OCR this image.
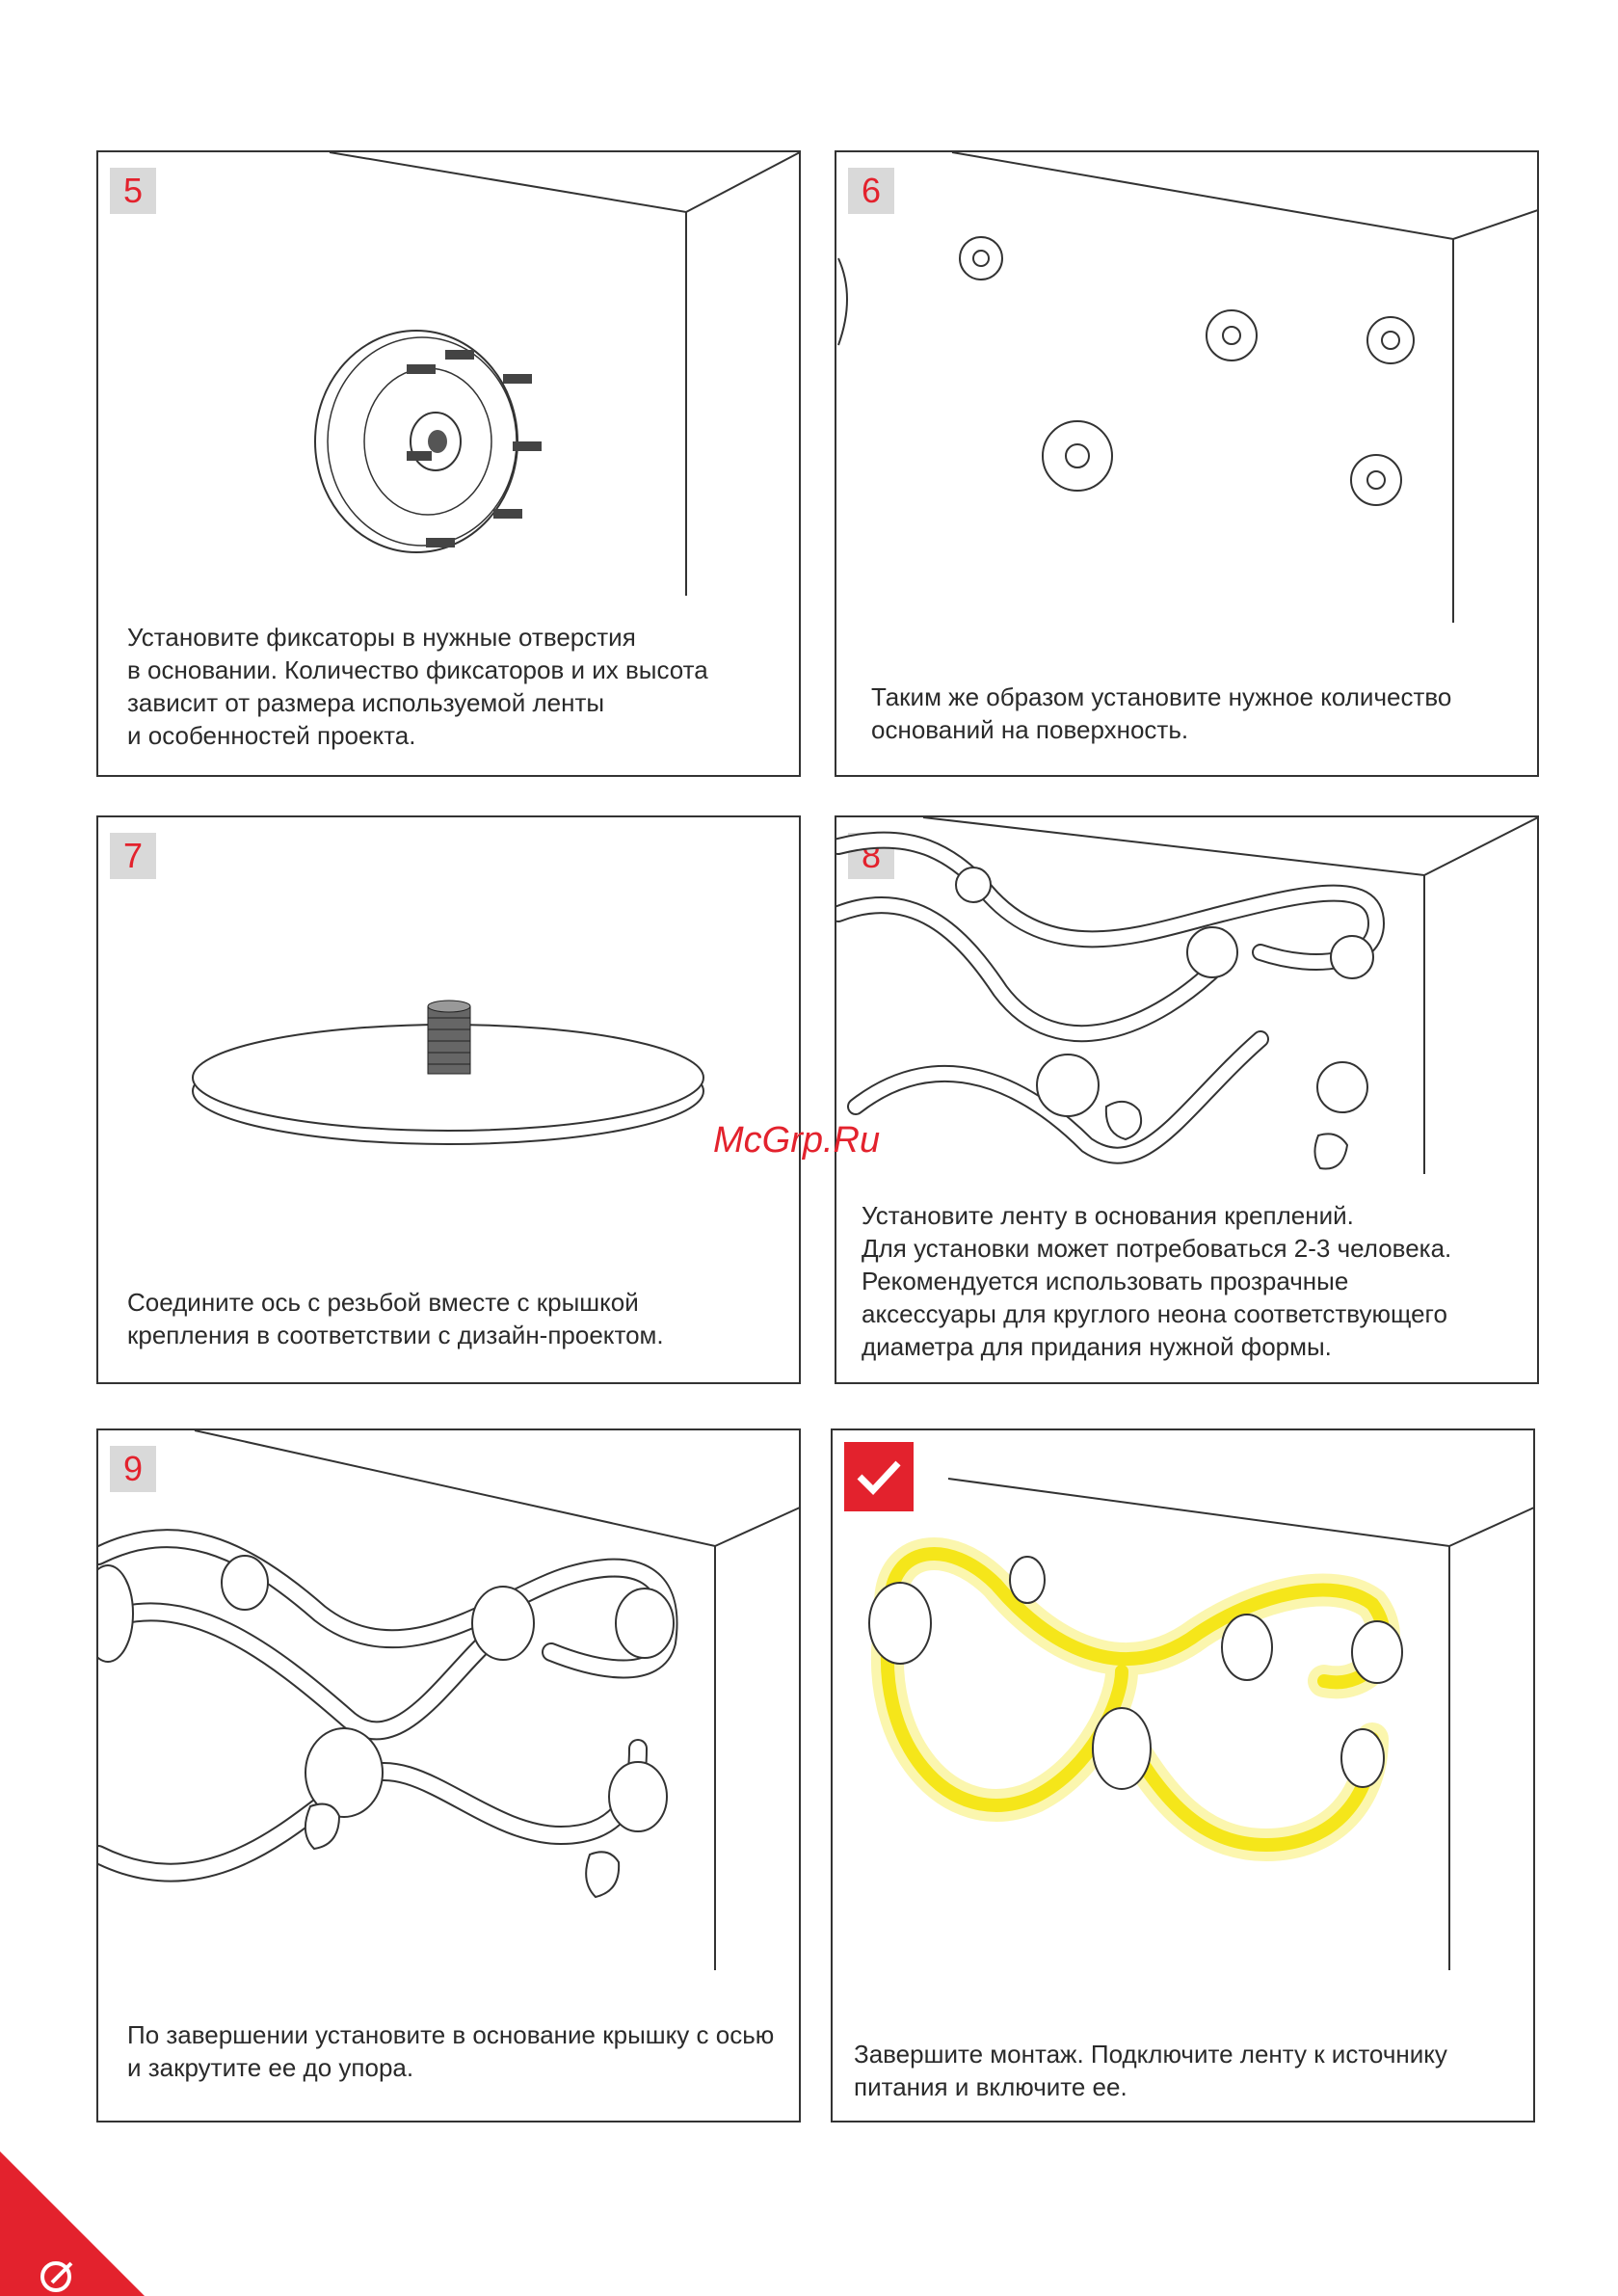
5
Установите фиксаторы в нужные отверстия
в основании. Количество фиксаторов и их высота
зависит от размера используемой ленты
и особенностей проекта.
6
Таким же образом установите нужное количество
оснований на поверхность.
7
Соедините ось с резьбой вместе с крышкой
крепления в соответствии с дизайн-проектом.
8
Установите ленту в основания креплений.
Для установки может потребоваться 2-3 человека.
Рекомендуется использовать прозрачные
аксессуары для круглого неона соответствующего
диаметра для придания нужной формы.
McGrp.Ru
9
По завершении установите в основание крышку с осью
и закрутите ее до упора.	Завершите монтаж. Подключите ленту к источнику
питания и включите ее.
